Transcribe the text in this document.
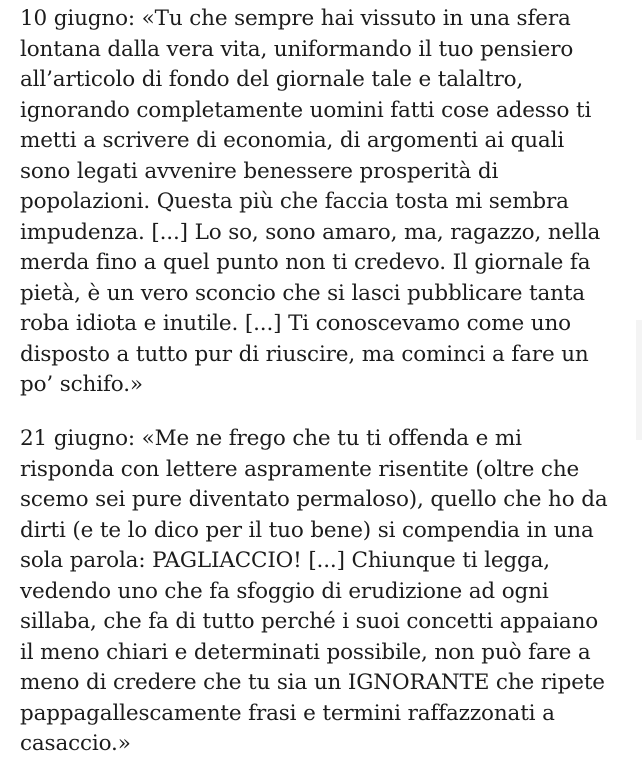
10 giugno: «Tu che sempre hai vissuto in una sfera
lontana dalla vera vita, uniformando il tuo pensiero
all’articolo di fondo del giornale tale e talaltro,
ignorando completamente uomini fatti cose adesso ti
metti a scrivere di economia, di argomenti ai quali
sono legati avvenire benessere prosperità di
popolazioni. Questa più che faccia tosta mi sembra
impudenza. [...] Lo so, sono amaro, ma, ragazzo, nella
merda fino a quel punto non ti credevo. Il giornale fa
pietà, è un vero sconcio che si lasci pubblicare tanta
roba idiota e inutile. [...] Ti conoscevamo come uno
disposto a tutto pur di riuscire, ma cominci a fare un
po’ schifo.»
21 giugno: «Me ne frego che tu ti offenda e mi
risponda con lettere aspramente risentite (oltre che
scemo sei pure diventato permaloso), quello che ho da
dirti (e te lo dico per il tuo bene) si compendia in una
sola parola: PAGLIACCIO! [...] Chiunque ti legga,
vedendo uno che fa sfoggio di erudizione ad ogni
sillaba, che fa di tutto perché i suoi concetti appaiano
il meno chiari e determinati possibile, non può fare a
meno di credere che tu sia un IGNORANTE che ripete
pappagallescamente frasi e termini raffazzonati a
casaccio.»
